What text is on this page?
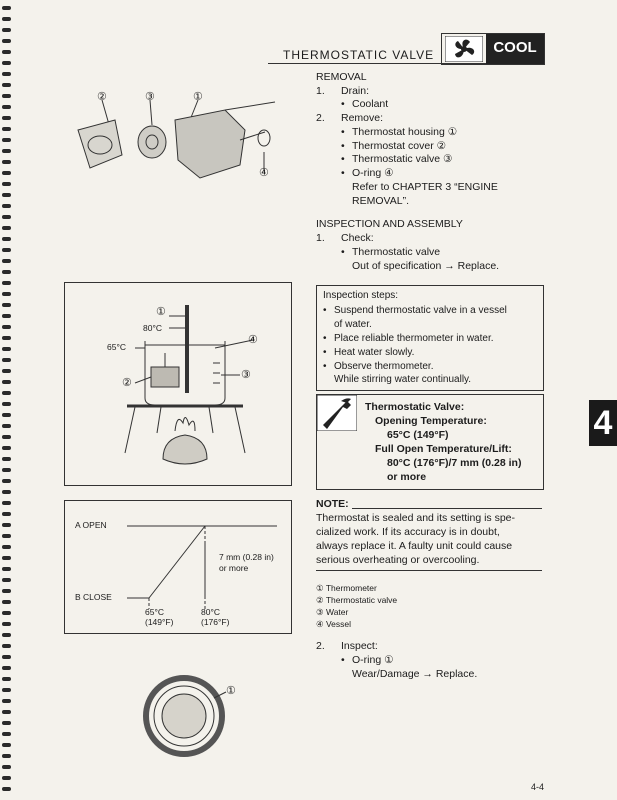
THERMOSTATIC VALVE	COOL
②	③	①
④
REMOVAL
1. Drain:
• Coolant
2. Remove:
• Thermostat housing ①
• Thermostat cover ②
• Thermostatic valve ③
• O-ring ④
Refer to CHAPTER 3 “ENGINE
REMOVAL”.
INSPECTION AND ASSEMBLY
1. Check:
• Thermostatic valve
Out of specification → Replace.
①
80°C
65°C
④
③
②
Inspection steps:
• Suspend thermostatic valve in a vessel
of water.
• Place reliable thermometer in water.
• Heat water slowly.
• Observe thermometer.
While stirring water continually.
Thermostatic Valve:
Opening Temperature:
65°C (149°F)
Full Open Temperature/Lift:
80°C (176°F)/7 mm (0.28 in)
or more
4
A OPEN
B CLOSE
7 mm (0.28 in)
or more
65°C
(149°F)
80°C
(176°F)
NOTE:
Thermostat is sealed and its setting is spe-
cialized work. If its accuracy is in doubt,
always replace it. A faulty unit could cause
serious overheating or overcooling.
① Thermometer
② Thermostatic valve
③ Water
④ Vessel
2. Inspect:
• O-ring ①
Wear/Damage → Replace.
①
4-4
